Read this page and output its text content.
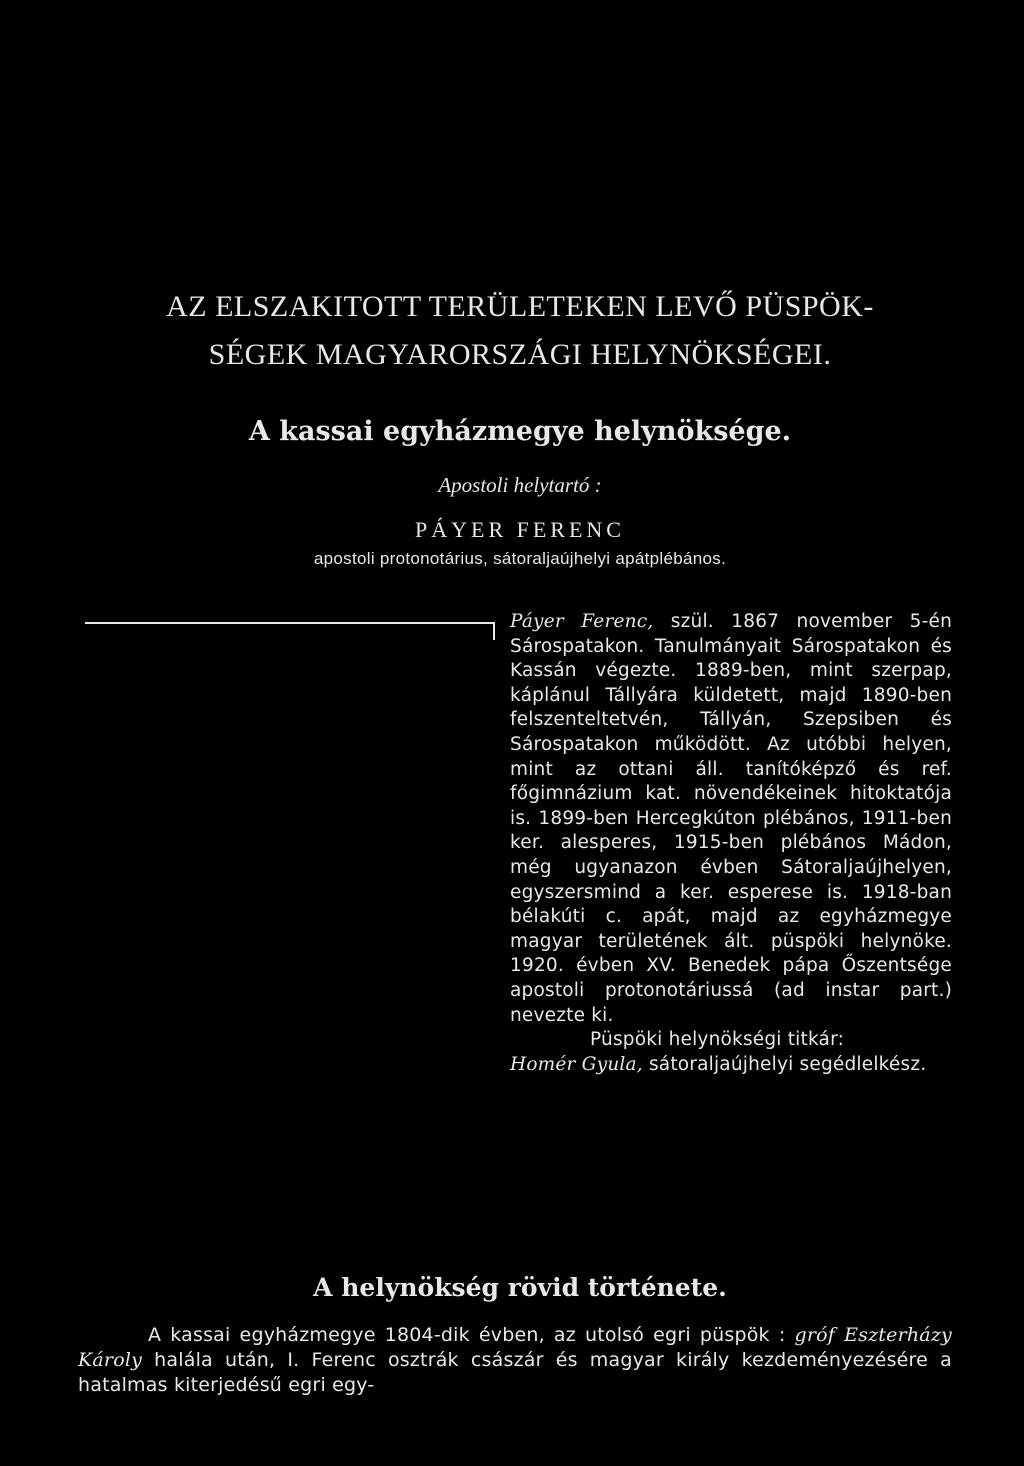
AZ ELSZAKITOTT TERÜLETEKEN LEVŐ PÜSPÖK-
SÉGEK MAGYARORSZÁGI HELYNÖKSÉGEI.
A kassai egyházmegye helynöksége.
Apostoli helytartó :
PÁYER FERENC
apostoli protonotárius, sátoraljaújhelyi apátplébános.

Páyer Ferenc, szül. 1867 november 5-én Sárospatakon. Tanulmányait Sárospatakon és Kassán végezte. 1889-ben, mint szerpap, káplánul Tállyára küldetett, majd 1890-ben felszenteltetvén, Tállyán, Szepsiben és Sárospatakon működött. Az utóbbi helyen, mint az ottani áll. tanítóképző és ref. főgimnázium kat. növendékeinek hitoktatója is. 1899-ben Hercegkúton plébános, 1911-ben ker. alesperes, 1915-ben plébános Mádon, még ugyanazon évben Sátoraljaújhelyen, egyszersmind a ker. esperese is. 1918-ban bélakúti c. apát, majd az egyházmegye magyar területének ált. püspöki helynöke. 1920. évben XV. Benedek pápa Őszentsége apostoli protonotáriussá (ad instar part.) nevezte ki.

Püspöki helynökségi titkár:

Homér Gyula, sátoraljaújhelyi segédlelkész.

A helynökség rövid története.

A kassai egyházmegye 1804-dik évben, az utolsó egri püspök : gróf Eszterházy Károly halála után, I. Ferenc osztrák császár és magyar király kezdeményezésére a hatalmas kiterjedésű egri egy-
